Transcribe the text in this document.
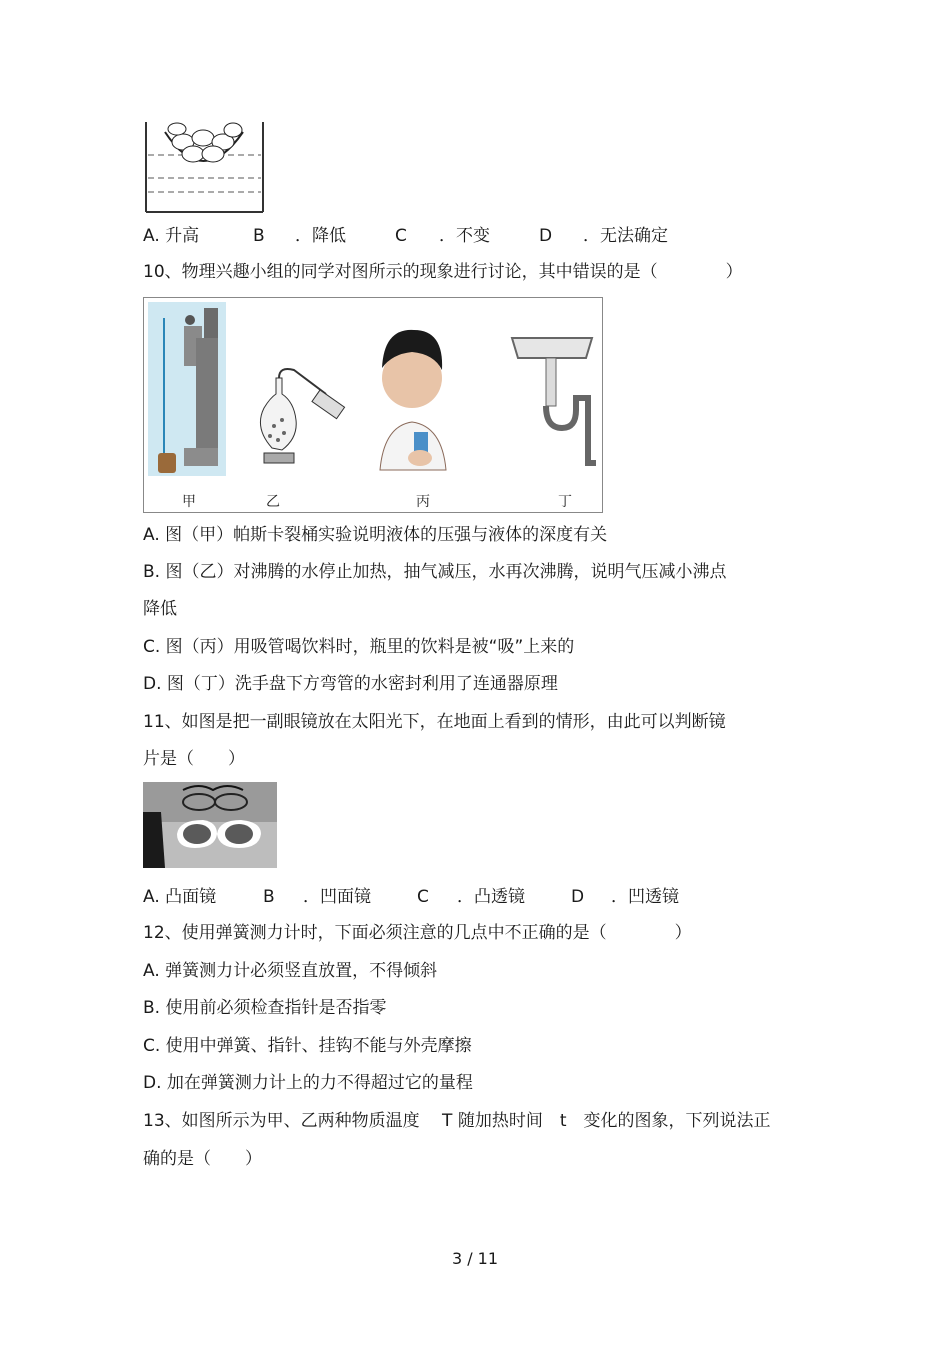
A. 升高	B ．降低	C ．不变	D ．无法确定
10、物理兴趣小组的同学对图所示的现象进行讨论，其中错误的是（　　　　）
甲	乙	丙	丁
A. 图（甲）帕斯卡裂桶实验说明液体的压强与液体的深度有关
B. 图（乙）对沸腾的水停止加热，抽气减压，水再次沸腾，说明气压减小沸点
降低
C. 图（丙）用吸管喝饮料时，瓶里的饮料是被“吸”上来的
D. 图（丁）洗手盘下方弯管的水密封利用了连通器原理
11、如图是把一副眼镜放在太阳光下，在地面上看到的情形，由此可以判断镜
片是（　　）
A. 凸面镜	B ．凹面镜	C ．凸透镜	D ．凹透镜
12、使用弹簧测力计时，下面必须注意的几点中不正确的是（　　　　）
A. 弹簧测力计必须竖直放置，不得倾斜
B. 使用前必须检查指针是否指零
C. 使用中弹簧、指针、挂钩不能与外壳摩擦
D. 加在弹簧测力计上的力不得超过它的量程
13、如图所示为甲、乙两种物质温度　 T 随加热时间　t　变化的图象，下列说法正
确的是（　　）
3 / 11
